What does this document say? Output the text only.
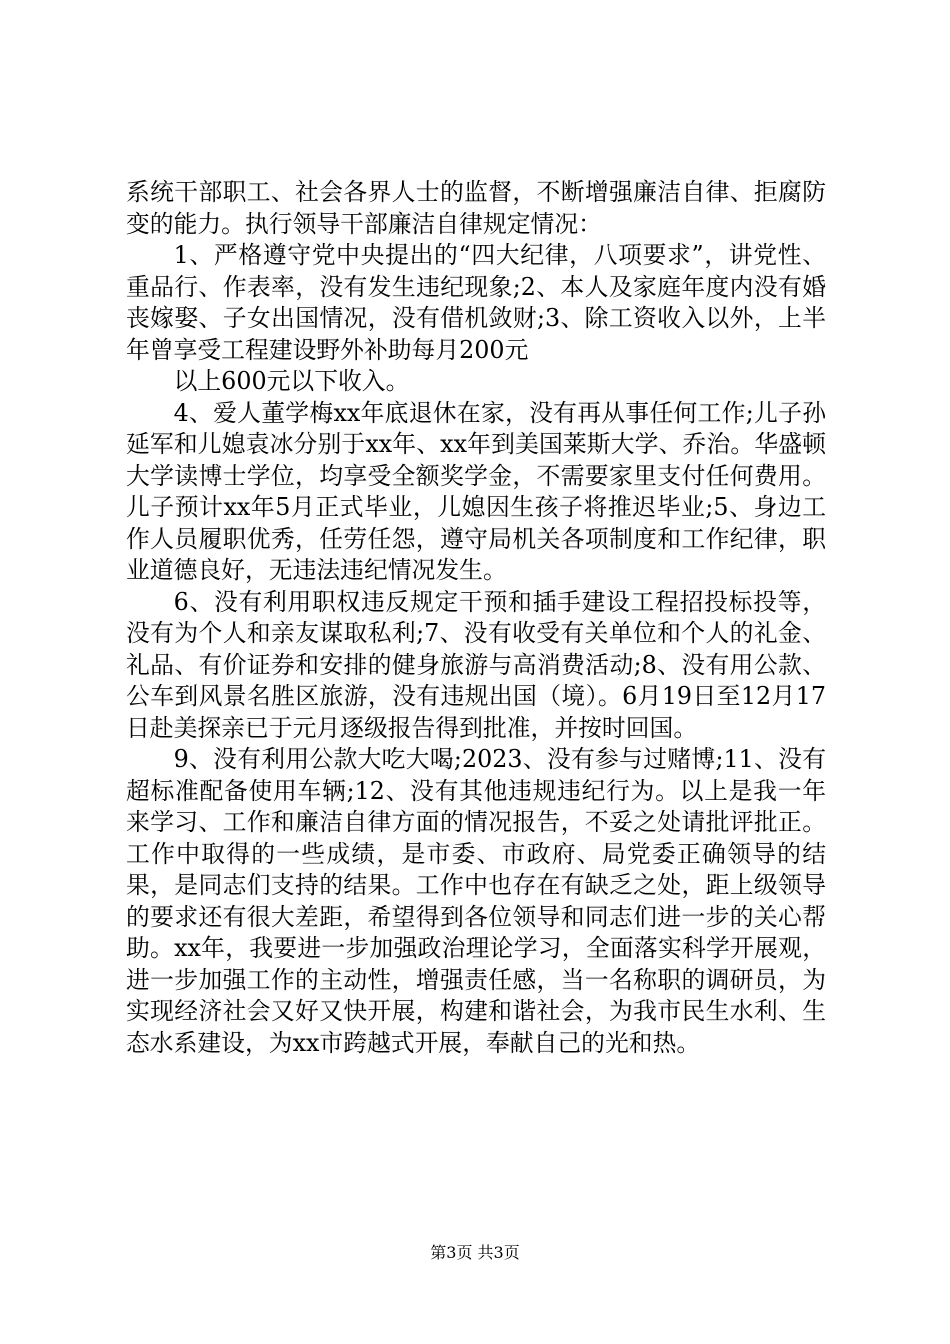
系统干部职工、社会各界人士的监督，不断增强廉洁自律、拒腐防变的能力。执行领导干部廉洁自律规定情况：

1、严格遵守党中央提出的“四大纪律，八项要求”，讲党性、重品行、作表率，没有发生违纪现象;2、本人及家庭年度内没有婚丧嫁娶、子女出国情况，没有借机敛财;3、除工资收入以外，上半年曾享受工程建设野外补助每月200元

以上600元以下收入。

4、爱人董学梅xx年底退休在家，没有再从事任何工作;儿子孙延军和儿媳袁冰分别于xx年、xx年到美国莱斯大学、乔治。华盛顿大学读博士学位，均享受全额奖学金，不需要家里支付任何费用。儿子预计xx年5月正式毕业，儿媳因生孩子将推迟毕业;5、身边工作人员履职优秀，任劳任怨，遵守局机关各项制度和工作纪律，职业道德良好，无违法违纪情况发生。

6、没有利用职权违反规定干预和插手建设工程招投标投等，没有为个人和亲友谋取私利;7、没有收受有关单位和个人的礼金、礼品、有价证券和安排的健身旅游与高消费活动;8、没有用公款、公车到风景名胜区旅游，没有违规出国（境）。6月19日至12月17日赴美探亲已于元月逐级报告得到批准，并按时回国。

9、没有利用公款大吃大喝;2023、没有参与过赌博;11、没有超标准配备使用车辆;12、没有其他违规违纪行为。以上是我一年来学习、工作和廉洁自律方面的情况报告，不妥之处请批评批正。工作中取得的一些成绩，是市委、市政府、局党委正确领导的结果，是同志们支持的结果。工作中也存在有缺乏之处，距上级领导的要求还有很大差距，希望得到各位领导和同志们进一步的关心帮助。xx年，我要进一步加强政治理论学习，全面落实科学开展观，进一步加强工作的主动性，增强责任感，当一名称职的调研员，为实现经济社会又好又快开展，构建和谐社会，为我市民生水利、生态水系建设，为xx市跨越式开展，奉献自己的光和热。

第3页 共3页
